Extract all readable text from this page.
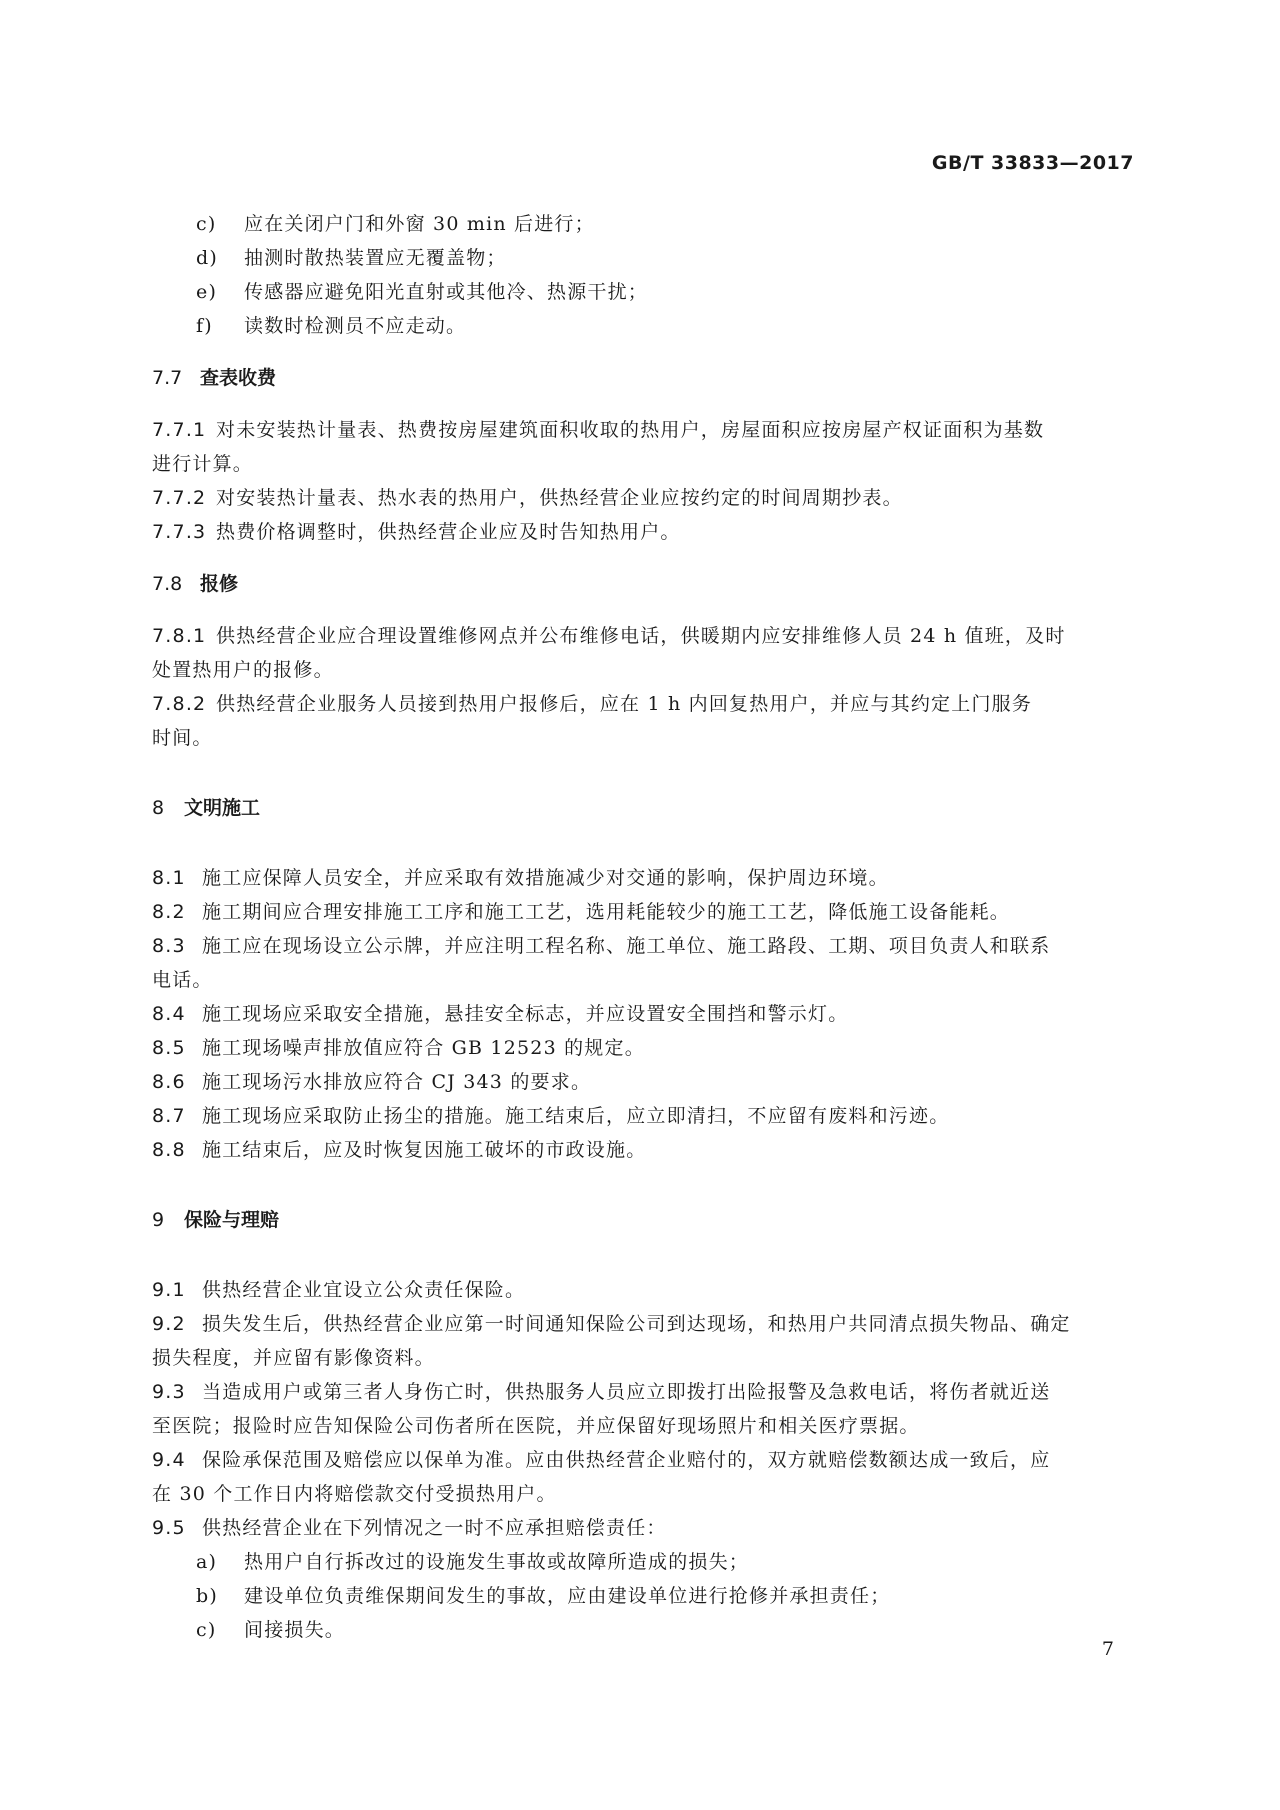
GB/T 33833—2017

c)	应在关闭户门和外窗 30 min 后进行；

d)	抽测时散热装置应无覆盖物；

e)	传感器应避免阳光直射或其他冷、热源干扰；

f)	读数时检测员不应走动。

7.7 查表收费

7.7.1 对未安装热计量表、热费按房屋建筑面积收取的热用户，房屋面积应按房屋产权证面积为基数

进行计算。

7.7.2 对安装热计量表、热水表的热用户，供热经营企业应按约定的时间周期抄表。

7.7.3 热费价格调整时，供热经营企业应及时告知热用户。

7.8 报修

7.8.1 供热经营企业应合理设置维修网点并公布维修电话，供暖期内应安排维修人员 24 h 值班，及时

处置热用户的报修。

7.8.2 供热经营企业服务人员接到热用户报修后，应在 1 h 内回复热用户，并应与其约定上门服务

时间。

8 文明施工

8.1 施工应保障人员安全，并应采取有效措施减少对交通的影响，保护周边环境。

8.2 施工期间应合理安排施工工序和施工工艺，选用耗能较少的施工工艺，降低施工设备能耗。

8.3 施工应在现场设立公示牌，并应注明工程名称、施工单位、施工路段、工期、项目负责人和联系

电话。

8.4 施工现场应采取安全措施，悬挂安全标志，并应设置安全围挡和警示灯。

8.5 施工现场噪声排放值应符合 GB 12523 的规定。

8.6 施工现场污水排放应符合 CJ 343 的要求。

8.7 施工现场应采取防止扬尘的措施。施工结束后，应立即清扫，不应留有废料和污迹。

8.8 施工结束后，应及时恢复因施工破坏的市政设施。

9 保险与理赔

9.1 供热经营企业宜设立公众责任保险。

9.2 损失发生后，供热经营企业应第一时间通知保险公司到达现场，和热用户共同清点损失物品、确定

损失程度，并应留有影像资料。

9.3 当造成用户或第三者人身伤亡时，供热服务人员应立即拨打出险报警及急救电话，将伤者就近送

至医院；报险时应告知保险公司伤者所在医院，并应保留好现场照片和相关医疗票据。

9.4 保险承保范围及赔偿应以保单为准。应由供热经营企业赔付的，双方就赔偿数额达成一致后，应

在 30 个工作日内将赔偿款交付受损热用户。

9.5 供热经营企业在下列情况之一时不应承担赔偿责任：

a)	热用户自行拆改过的设施发生事故或故障所造成的损失；

b)	建设单位负责维保期间发生的事故，应由建设单位进行抢修并承担责任；

c)	间接损失。

7
